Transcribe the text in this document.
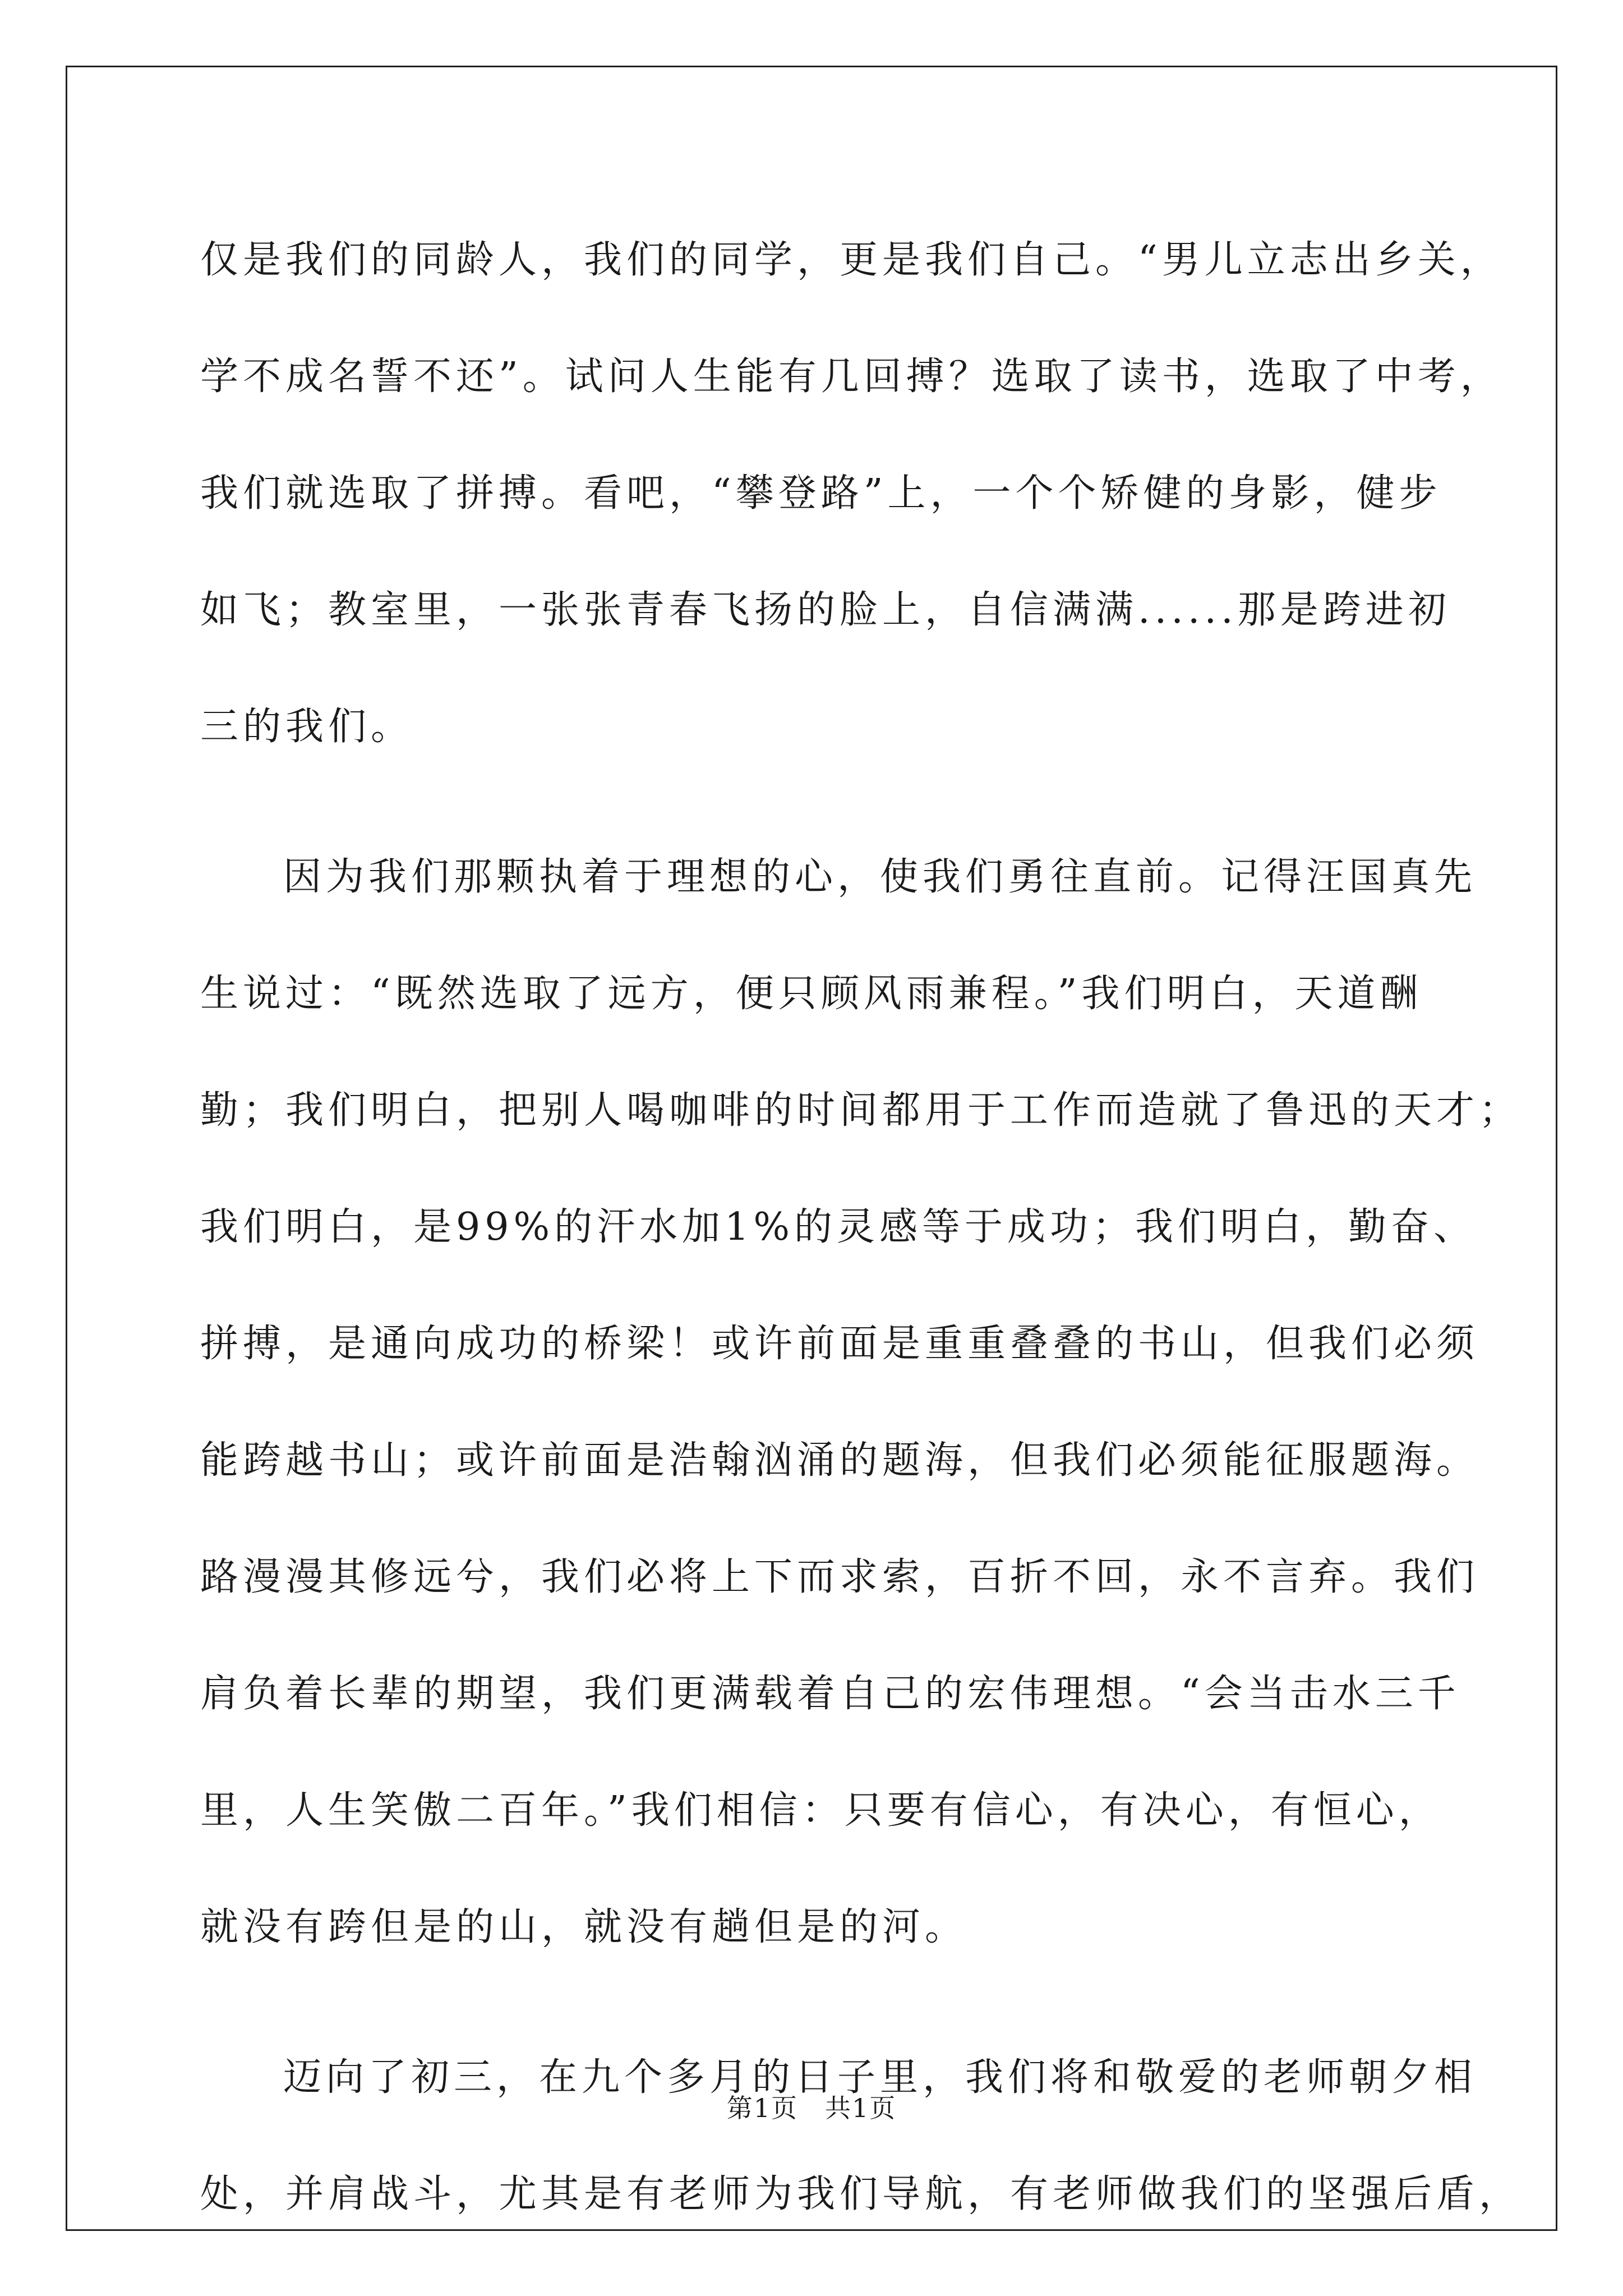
仅是我们的同龄人，我们的同学，更是我们自己。“男儿立志出乡关，
学不成名誓不还”。试问人生能有几回搏？选取了读书，选取了中考，
我们就选取了拼搏。看吧，“攀登路”上，一个个矫健的身影，健步
如飞；教室里，一张张青春飞扬的脸上，自信满满......那是跨进初
三的我们。
因为我们那颗执着于理想的心，使我们勇往直前。记得汪国真先
生说过：“既然选取了远方，便只顾风雨兼程。”我们明白，天道酬
勤；我们明白，把别人喝咖啡的时间都用于工作而造就了鲁迅的天才；
我们明白，是99%的汗水加1%的灵感等于成功；我们明白，勤奋、
拼搏，是通向成功的桥梁！或许前面是重重叠叠的书山，但我们必须
能跨越书山；或许前面是浩翰汹涌的题海，但我们必须能征服题海。
路漫漫其修远兮，我们必将上下而求索，百折不回，永不言弃。我们
肩负着长辈的期望，我们更满载着自己的宏伟理想。“会当击水三千
里，人生笑傲二百年。”我们相信：只要有信心，有决心，有恒心，
就没有跨但是的山，就没有趟但是的河。
迈向了初三，在九个多月的日子里，我们将和敬爱的老师朝夕相
处，并肩战斗，尤其是有老师为我们导航，有老师做我们的坚强后盾，
第1页　共1页
